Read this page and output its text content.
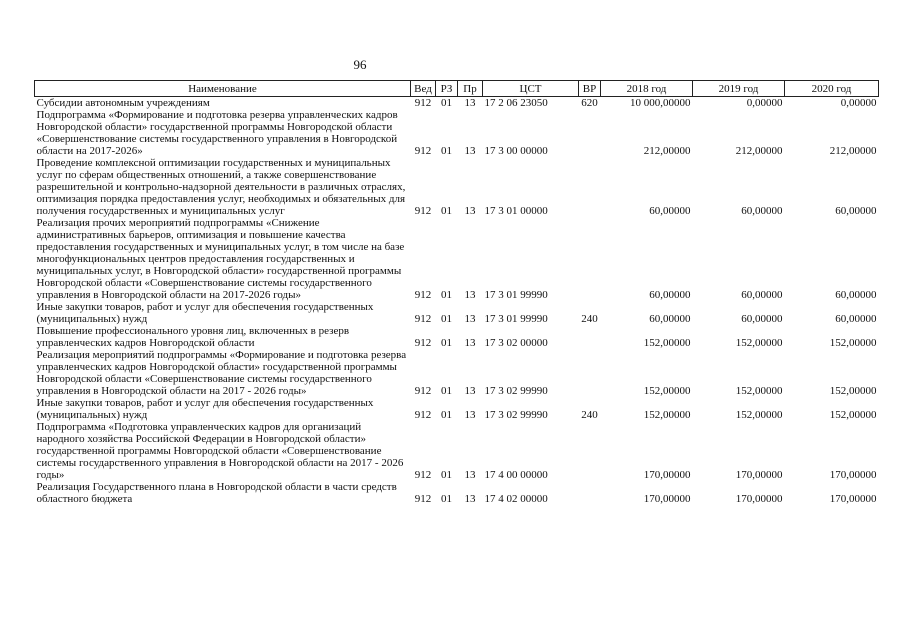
96
Наименование	Вед	РЗ	Пр	ЦСТ	ВР	2018 год	2019 год	2020 год
Субсидии автономным учреждениям	912	01	13	17 2 06 23050	620	10 000,00000	0,00000	0,00000
Подпрограмма «Формирование и подготовка резерва управленческих кадров Новгородской области» государственной программы Новгородской области «Совершенствование системы государственного управления в Новгородской области на 2017-2026»	912	01	13	17 3 00 00000		212,00000	212,00000	212,00000
Проведение комплексной оптимизации государственных и муниципальных услуг по сферам общественных отношений, а также совершенствование разрешительной и контрольно-надзорной деятельности в различных отраслях, оптимизация порядка предоставления услуг, необходимых и обязательных для получения государственных и муниципальных услуг	912	01	13	17 3 01 00000		60,00000	60,00000	60,00000
Реализация прочих мероприятий подпрограммы «Снижение административных барьеров, оптимизация и повышение качества предоставления государственных и муниципальных услуг, в том числе на базе многофункциональных центров предоставления государственных и муниципальных услуг, в Новгородской области» государственной программы Новгородской области «Совершенствование системы государственного управления в Новгородской области на 2017-2026 годы»	912	01	13	17 3 01 99990		60,00000	60,00000	60,00000
Иные закупки товаров, работ и услуг для обеспечения государственных (муниципальных) нужд	912	01	13	17 3 01 99990	240	60,00000	60,00000	60,00000
Повышение профессионального уровня лиц, включенных в резерв управленческих кадров Новгородской области	912	01	13	17 3 02 00000		152,00000	152,00000	152,00000
Реализация мероприятий подпрограммы «Формирование и подготовка резерва управленческих кадров Новгородской области» государственной программы Новгородской области «Совершенствование системы государственного управления в Новгородской области на 2017 - 2026 годы»	912	01	13	17 3 02 99990		152,00000	152,00000	152,00000
Иные закупки товаров, работ и услуг для обеспечения государственных (муниципальных) нужд	912	01	13	17 3 02 99990	240	152,00000	152,00000	152,00000
Подпрограмма «Подготовка управленческих кадров для организаций народного хозяйства Российской Федерации в Новгородской области» государственной программы Новгородской области «Совершенствование системы государственного управления в Новгородской области на 2017 - 2026 годы»	912	01	13	17 4 00 00000		170,00000	170,00000	170,00000
Реализация Государственного плана в Новгородской области в части средств областного бюджета	912	01	13	17 4 02 00000		170,00000	170,00000	170,00000
